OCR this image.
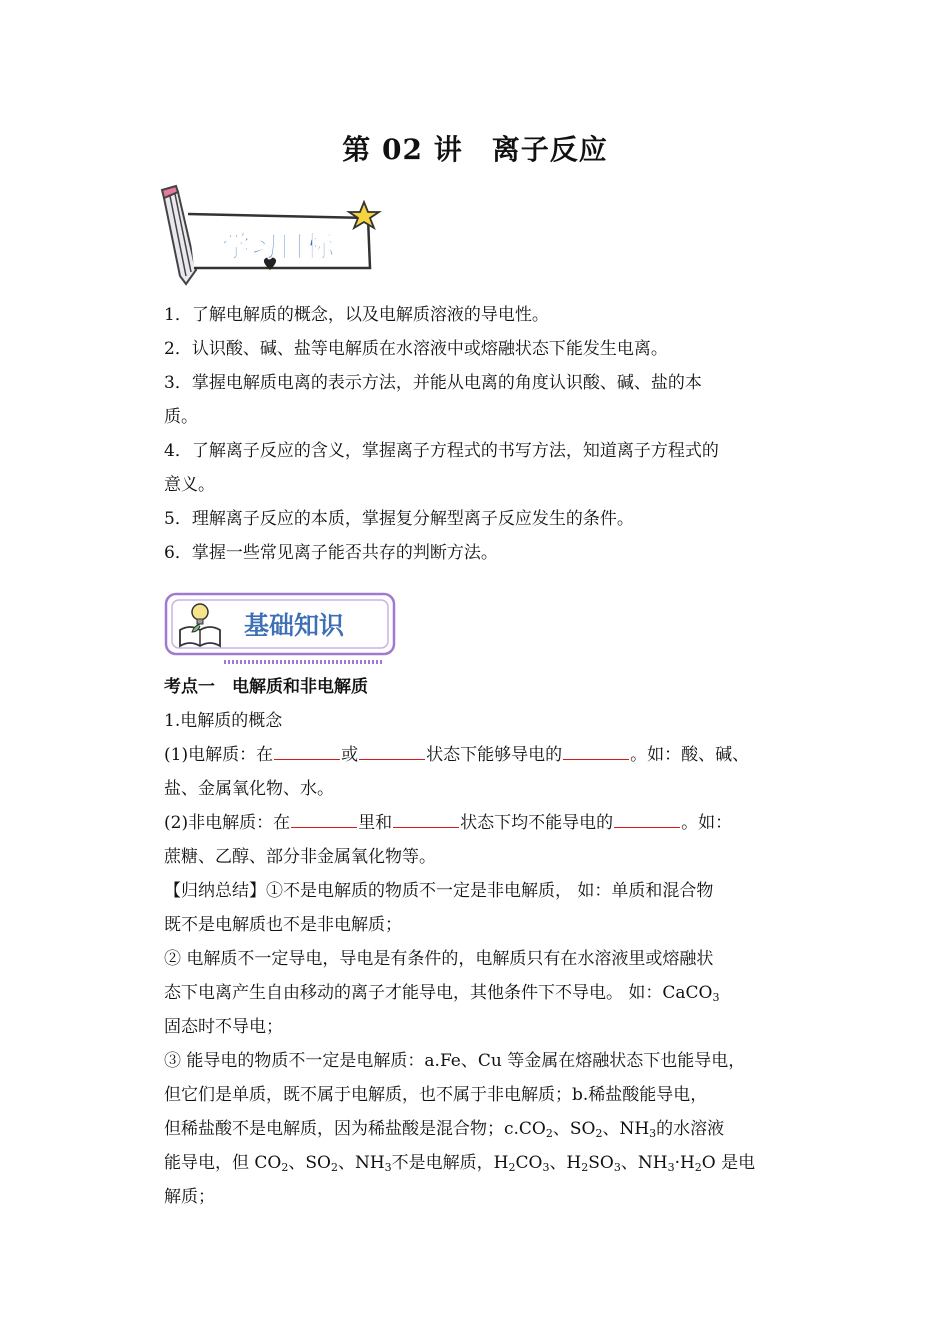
第 02 讲　离子反应
学习目标
1．了解电解质的概念，以及电解质溶液的导电性。
2．认识酸、碱、盐等电解质在水溶液中或熔融状态下能发生电离。
3．掌握电解质电离的表示方法，并能从电离的角度认识酸、碱、盐的本
质。
4．了解离子反应的含义，掌握离子方程式的书写方法，知道离子方程式的
意义。
5．理解离子反应的本质，掌握复分解型离子反应发生的条件。
6．掌握一些常见离子能否共存的判断方法。
基础知识
考点一　电解质和非电解质
1.电解质的概念
(1)电解质：在	或	状态下能够导电的	。如：酸、碱、
盐、金属氧化物、水。
(2)非电解质：在	里和	状态下均不能导电的	。如：
蔗糖、乙醇、部分非金属氧化物等。
【归纳总结】①不是电解质的物质不一定是非电解质， 如：单质和混合物
既不是电解质也不是非电解质；
② 电解质不一定导电，导电是有条件的，电解质只有在水溶液里或熔融状
态下电离产生自由移动的离子才能导电，其他条件下不导电。 如：CaCO$_3$
固态时不导电；
③ 能导电的物质不一定是电解质：a.Fe、Cu 等金属在熔融状态下也能导电，
但它们是单质，既不属于电解质，也不属于非电解质；b.稀盐酸能导电，
但稀盐酸不是电解质，因为稀盐酸是混合物；$c.CO_2$、$SO_2$、$NH_3$的水溶液
能导电，但 $CO_2$、$SO_2$、$NH_3$不是电解质，$H_2CO_3$、$H_2SO_3$、$NH_3\cdot H_2O$ 是电
解质；
